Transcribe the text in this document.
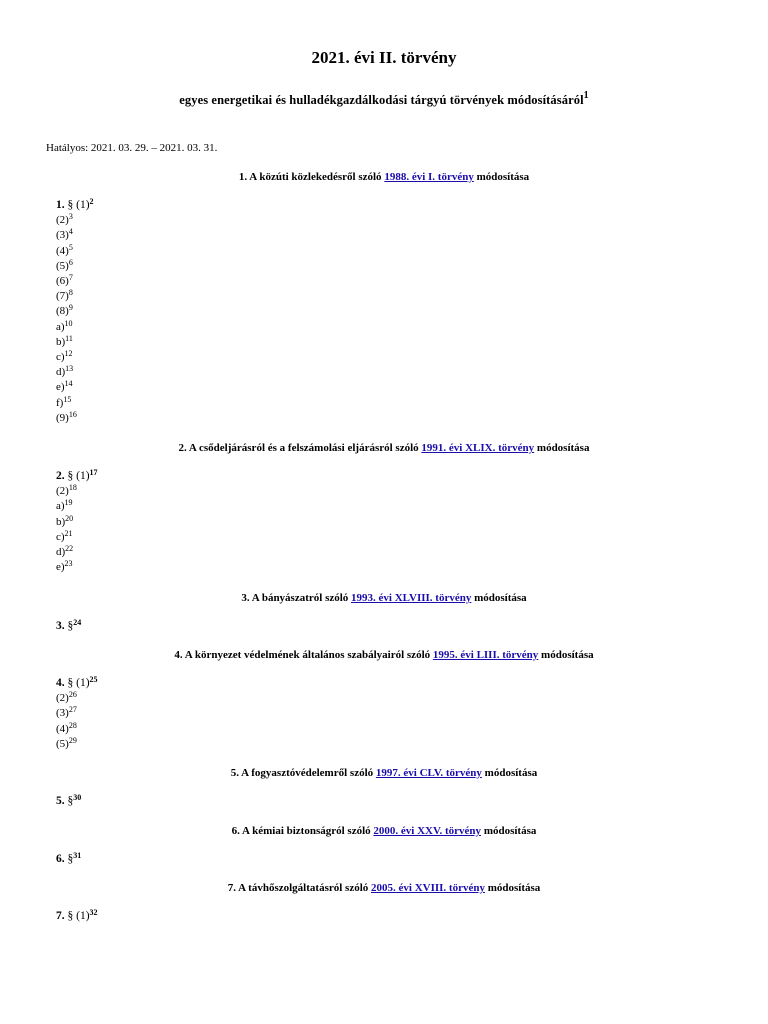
2021. évi II. törvény
egyes energetikai és hulladékgazdálkodási tárgyú törvények módosításáról$^1$
Hatályos: 2021. 03. 29. – 2021. 03. 31.
1. A közúti közlekedésről szóló 1988. évi I. törvény módosítása
1. § $(1)^2$
$(2)^3$
$(3)^4$
$(4)^5$
$(5)^6$
$(6)^7$
$(7)^8$
$(8)^9$
a)$^{10}$
b)$^{11}$
c)$^{12}$
d)$^{13}$
e)$^{14}$
f)$^{15}$
$(9)^{16}$
2. A csődeljárásról és a felszámolási eljárásról szóló 1991. évi XLIX. törvény módosítása
2. § $(1)^{17}$
$(2)^{18}$
a)$^{19}$
b)$^{20}$
c)$^{21}$
d)$^{22}$
e)$^{23}$
3. A bányászatról szóló 1993. évi XLVIII. törvény módosítása
3. §$^{24}$
4. A környezet védelmének általános szabályairól szóló 1995. évi LIII. törvény módosítása
4. § $(1)^{25}$
$(2)^{26}$
$(3)^{27}$
$(4)^{28}$
$(5)^{29}$
5. A fogyasztóvédelemről szóló 1997. évi CLV. törvény módosítása
5. §$^{30}$
6. A kémiai biztonságról szóló 2000. évi XXV. törvény módosítása
6. §$^{31}$
7. A távhőszolgáltatásról szóló 2005. évi XVIII. törvény módosítása
7. § $(1)^{32}$
